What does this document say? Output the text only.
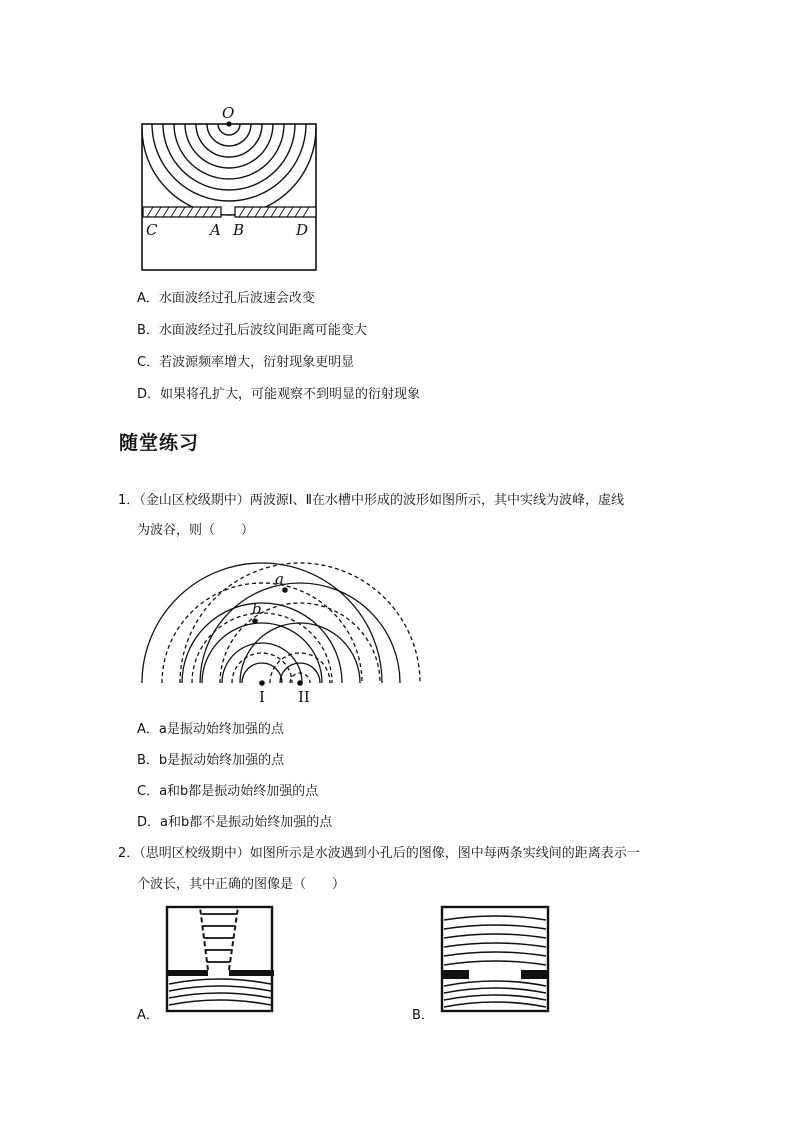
O
C	A B	D
A．水面波经过孔后波速会改变
B．水面波经过孔后波纹间距离可能变大
C．若波源频率增大，衍射现象更明显
D．如果将孔扩大，可能观察不到明显的衍射现象
随堂练习
1．（金山区校级期中）两波源Ⅰ、Ⅱ在水槽中形成的波形如图所示，其中实线为波峰，虚线
为波谷，则（　　）
a
b
I II
A．a是振动始终加强的点
B．b是振动始终加强的点
C．a和b都是振动始终加强的点
D．a和b都不是振动始终加强的点
2．（思明区校级期中）如图所示是水波遇到小孔后的图像，图中每两条实线间的距离表示一
个波长，其中正确的图像是（　　）
A．	B．
